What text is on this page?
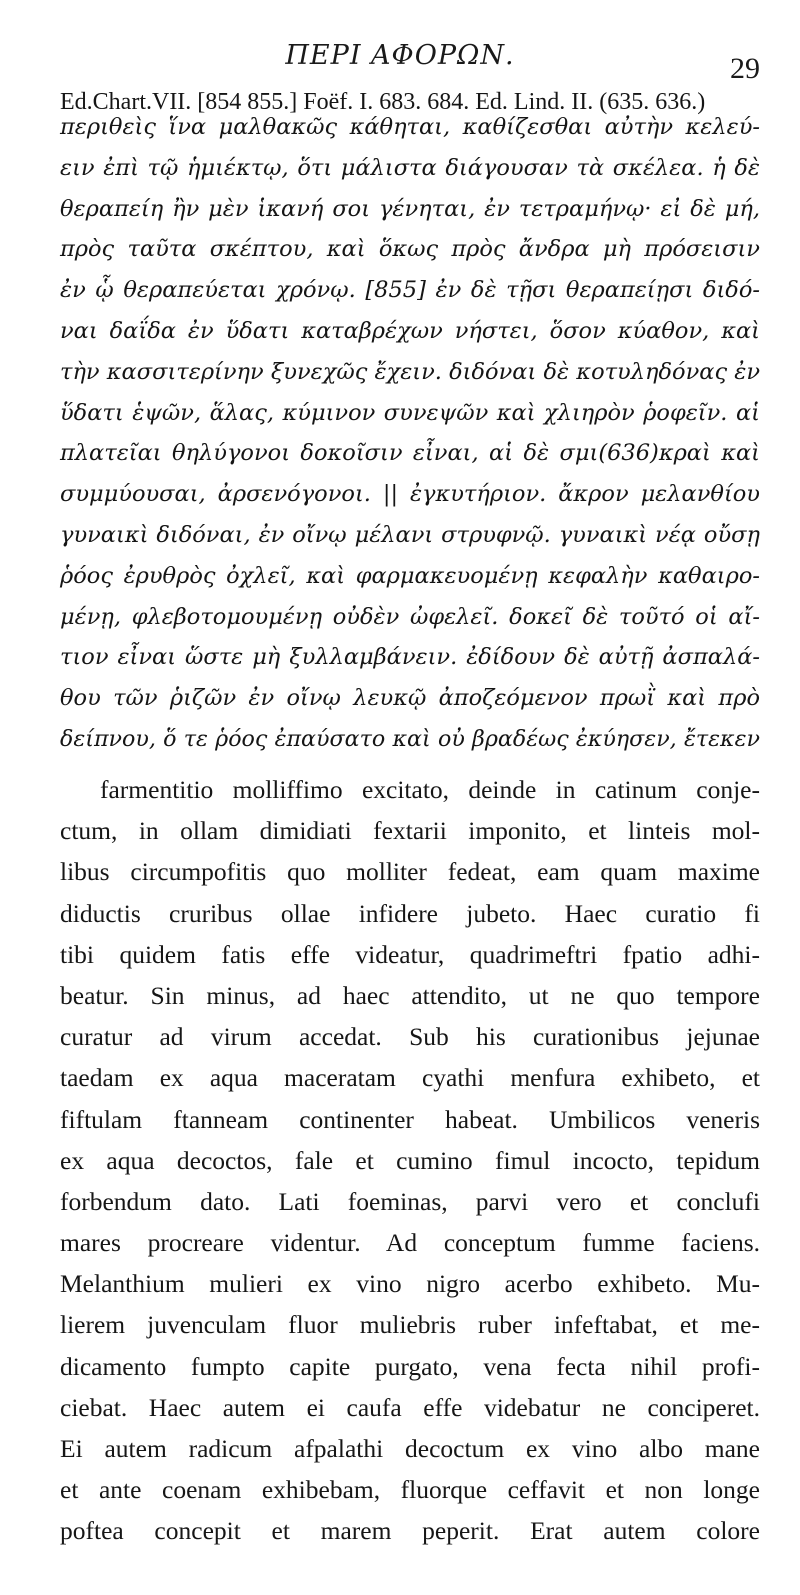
ΠΕΡΙ ΑΦΟΡΩΝ.	29
Ed.Chart.VII. [854 855.] Foëf. I. 683. 684. Ed. Lind. II. (635. 636.)
περιθεὶς ἵνα μαλθακῶς κάθηται, καθίζεσθαι αὐτὴν κελεύ-
ειν ἐπὶ τῷ ἡμιέκτῳ, ὅτι μάλιστα διάγουσαν τὰ σκέλεα. ἡ δὲ
θεραπείη ἢν μὲν ἱκανή σοι γένηται, ἐν τετραμήνῳ· εἰ δὲ μή,
πρὸς ταῦτα σκέπτου, καὶ ὅκως πρὸς ἄνδρα μὴ πρόσεισιν
ἐν ᾧ θεραπεύεται χρόνῳ. [855] ἐν δὲ τῇσι θεραπείῃσι διδό-
ναι δαΐδα ἐν ὕδατι καταβρέχων νήστει, ὅσον κύαθον, καὶ
τὴν κασσιτερίνην ξυνεχῶς ἔχειν. διδόναι δὲ κοτυληδόνας ἐν
ὕδατι ἑψῶν, ἅλας, κύμινον συνεψῶν καὶ χλιηρὸν ῥοφεῖν. αἱ
πλατεῖαι θηλύγονοι δοκοῖσιν εἶναι, αἱ δὲ σμι(636)κραὶ καὶ
συμμύουσαι, ἀρσενόγονοι. || ἐγκυτήριον. ἄκρον μελανθίου
γυναικὶ διδόναι, ἐν οἴνῳ μέλανι στρυφνῷ. γυναικὶ νέᾳ οὔσῃ
ῥόος ἐρυθρὸς ὀχλεῖ, καὶ φαρμακευομένῃ κεφαλὴν καθαιρο-
μένῃ, φλεβοτομουμένῃ οὐδὲν ὠφελεῖ. δοκεῖ δὲ τοῦτό οἱ αἴ-
τιον εἶναι ὥστε μὴ ξυλλαμβάνειν. ἐδίδουν δὲ αὐτῇ ἀσπαλά-
θου τῶν ῥιζῶν ἐν οἴνῳ λευκῷ ἀποζεόμενον πρωῒ καὶ πρὸ
δείπνου, ὅ τε ῥόος ἐπαύσατο καὶ οὐ βραδέως ἐκύησεν, ἔτεκεν
farmentitio molliffimo excitato, deinde in catinum conje-
ctum, in ollam dimidiati fextarii imponito, et linteis mol-
libus circumpofitis quo molliter fedeat, eam quam maxime
diductis cruribus ollae infidere jubeto. Haec curatio fi
tibi quidem fatis effe videatur, quadrimeftri fpatio adhi-
beatur. Sin minus, ad haec attendito, ut ne quo tempore
curatur ad virum accedat. Sub his curationibus jejunae
taedam ex aqua maceratam cyathi menfura exhibeto, et
fiftulam ftanneam continenter habeat. Umbilicos veneris
ex aqua decoctos, fale et cumino fimul incocto, tepidum
forbendum dato. Lati foeminas, parvi vero et conclufi
mares procreare videntur. Ad conceptum fumme faciens.
Melanthium mulieri ex vino nigro acerbo exhibeto. Mu-
lierem juvenculam fluor muliebris ruber infeftabat, et me-
dicamento fumpto capite purgato, vena fecta nihil profi-
ciebat. Haec autem ei caufa effe videbatur ne conciperet.
Ei autem radicum afpalathi decoctum ex vino albo mane
et ante coenam exhibebam, fluorque ceffavit et non longe
poftea concepit et marem peperit. Erat autem colore
